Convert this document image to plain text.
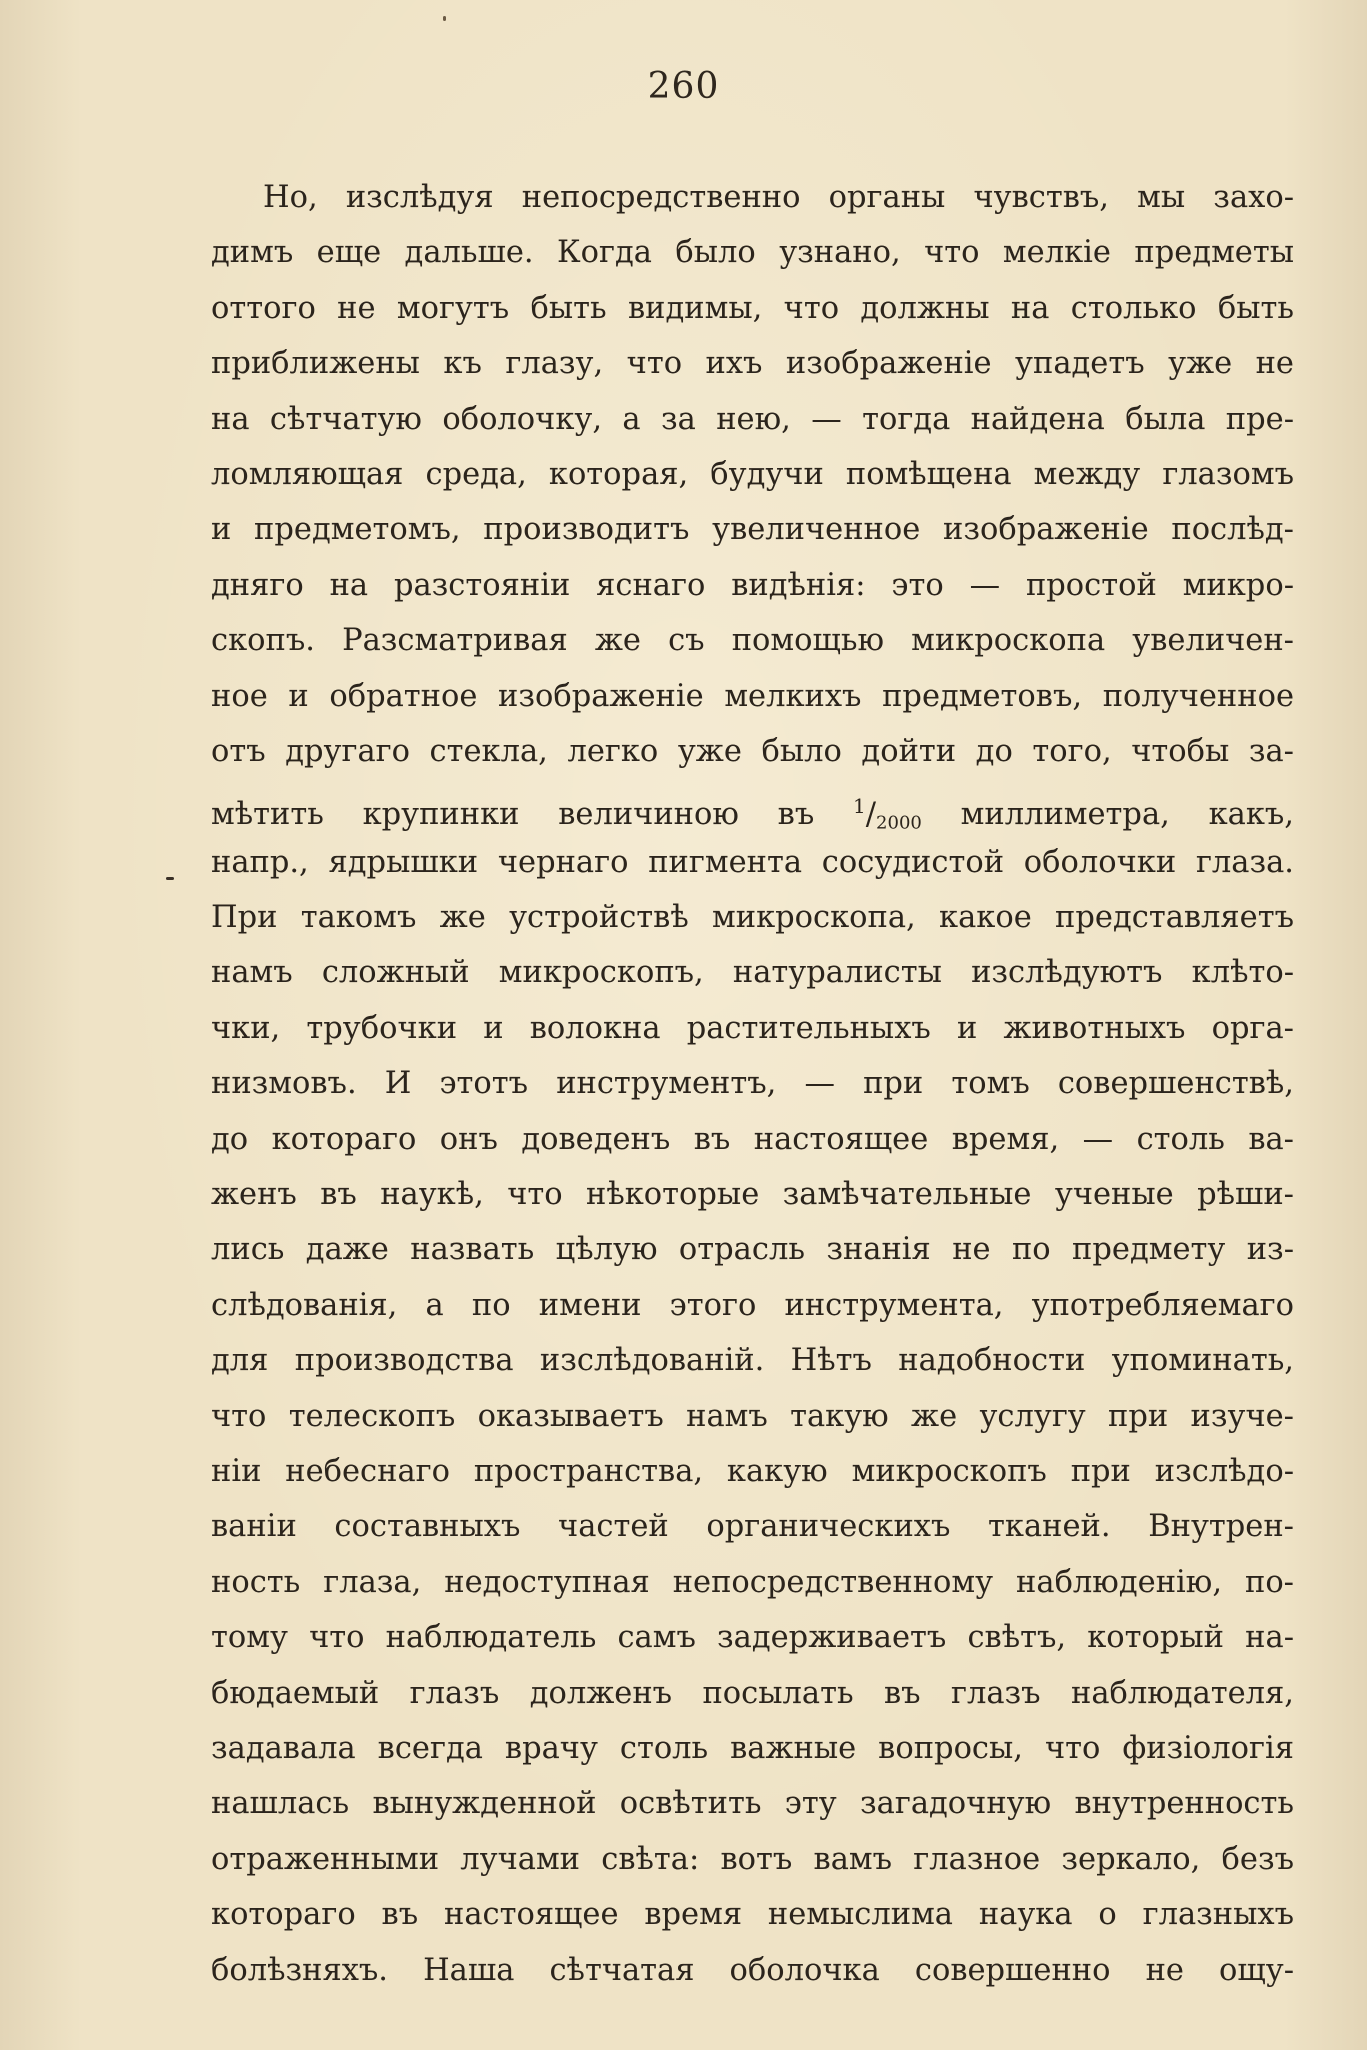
260
Но, изслѣдуя непосредственно органы чувствъ, мы захо-
димъ еще дальше. Когда было узнано, что мелкіе предметы
оттого не могутъ быть видимы, что должны на столько быть
приближены къ глазу, что ихъ изображеніе упадетъ уже не
на сѣтчатую оболочку, а за нею, — тогда найдена была пре-
ломляющая среда, которая, будучи помѣщена между глазомъ
и предметомъ, производитъ увеличенное изображеніе послѣд-
дняго на разстояніи яснаго видѣнія: это — простой микро-
скопъ. Разсматривая же съ помощью микроскопа увеличен-
ное и обратное изображеніе мелкихъ предметовъ, полученное
отъ другаго стекла, легко уже было дойти до того, чтобы за-
мѣтить крупинки величиною въ $^1/_{2000}$ миллиметра, какъ,
напр., ядрышки чернаго пигмента сосудистой оболочки глаза.
При такомъ же устройствѣ микроскопа, какое представляетъ
намъ сложный микроскопъ, натуралисты изслѣдуютъ клѣто-
чки, трубочки и волокна растительныхъ и животныхъ орга-
низмовъ. И этотъ инструментъ, — при томъ совершенствѣ,
до котораго онъ доведенъ въ настоящее время, — столь ва-
женъ въ наукѣ, что нѣкоторые замѣчательные ученые рѣши-
лись даже назвать цѣлую отрасль знанія не по предмету из-
слѣдованія, а по имени этого инструмента, употребляемаго
для производства изслѣдованій. Нѣтъ надобности упоминать,
что телескопъ оказываетъ намъ такую же услугу при изуче-
ніи небеснаго пространства, какую микроскопъ при изслѣдо-
ваніи составныхъ частей органическихъ тканей. Внутрен-
ность глаза, недоступная непосредственному наблюденію, по-
тому что наблюдатель самъ задерживаетъ свѣтъ, который на-
бюдаемый глазъ долженъ посылать въ глазъ наблюдателя,
задавала всегда врачу столь важные вопросы, что физіологія
нашлась вынужденной освѣтить эту загадочную внутренность
отраженными лучами свѣта: вотъ вамъ глазное зеркало, безъ
котораго въ настоящее время немыслима наука о глазныхъ
болѣзняхъ. Наша сѣтчатая оболочка совершенно не ощу-
